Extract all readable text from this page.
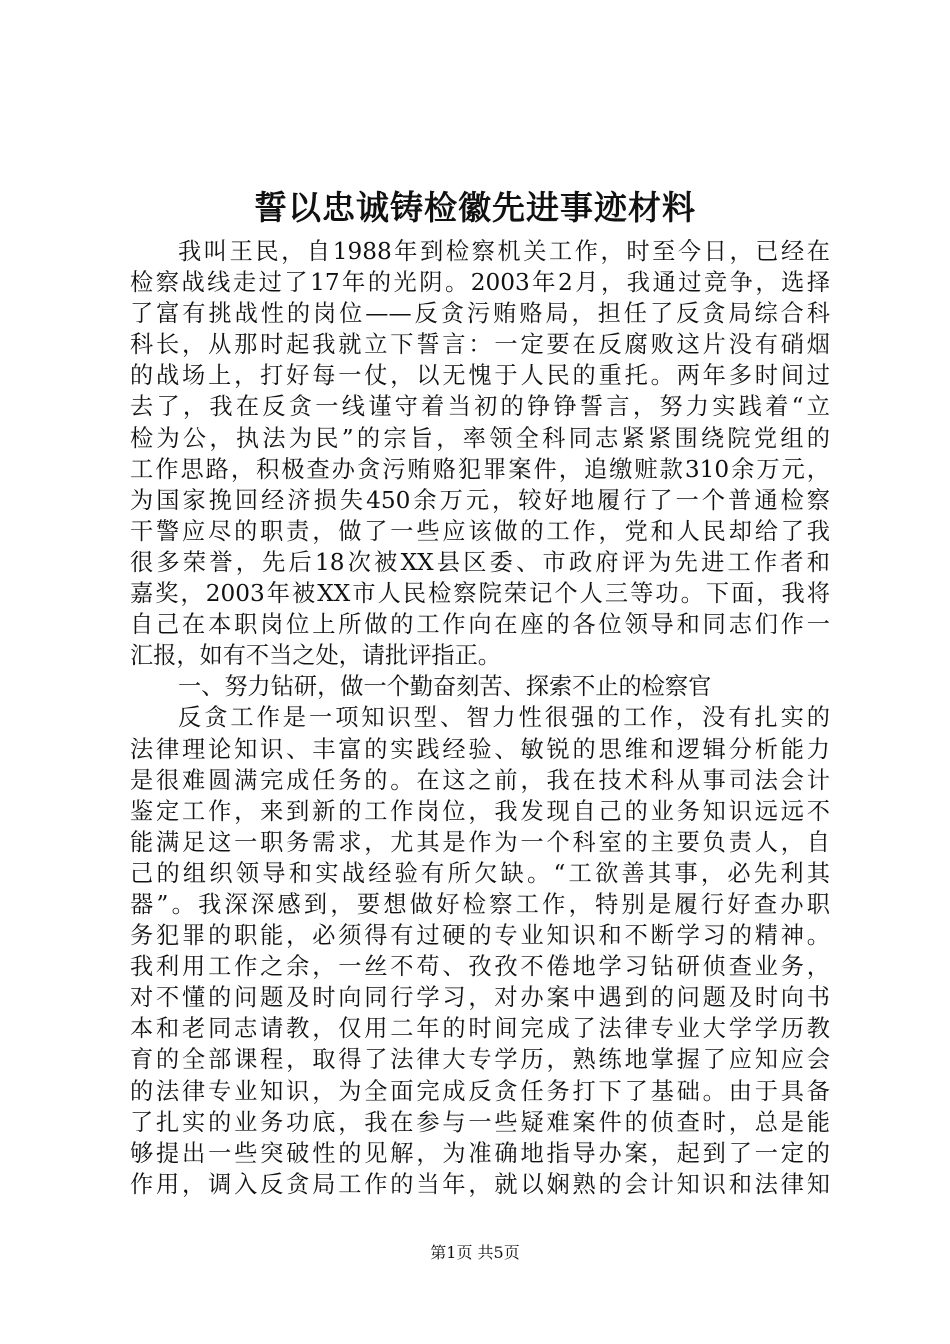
誓以忠诚铸检徽先进事迹材料
我叫王民，自1988年到检察机关工作，时至今日，已经在
检察战线走过了17年的光阴。2003年2月，我通过竞争，选择
了富有挑战性的岗位——反贪污贿赂局，担任了反贪局综合科
科长，从那时起我就立下誓言：一定要在反腐败这片没有硝烟
的战场上，打好每一仗，以无愧于人民的重托。两年多时间过
去了，我在反贪一线谨守着当初的铮铮誓言，努力实践着“立
检为公，执法为民”的宗旨，率领全科同志紧紧围绕院党组的
工作思路，积极查办贪污贿赂犯罪案件，追缴赃款310余万元，
为国家挽回经济损失450余万元，较好地履行了一个普通检察
干警应尽的职责，做了一些应该做的工作，党和人民却给了我
很多荣誉，先后18次被XX县区委、市政府评为先进工作者和
嘉奖，2003年被XX市人民检察院荣记个人三等功。下面，我将
自己在本职岗位上所做的工作向在座的各位领导和同志们作一
汇报，如有不当之处，请批评指正。
一、努力钻研，做一个勤奋刻苦、探索不止的检察官
反贪工作是一项知识型、智力性很强的工作，没有扎实的
法律理论知识、丰富的实践经验、敏锐的思维和逻辑分析能力
是很难圆满完成任务的。在这之前，我在技术科从事司法会计
鉴定工作，来到新的工作岗位，我发现自己的业务知识远远不
能满足这一职务需求，尤其是作为一个科室的主要负责人，自
己的组织领导和实战经验有所欠缺。“工欲善其事，必先利其
器”。我深深感到，要想做好检察工作，特别是履行好查办职
务犯罪的职能，必须得有过硬的专业知识和不断学习的精神。
我利用工作之余，一丝不苟、孜孜不倦地学习钻研侦查业务，
对不懂的问题及时向同行学习，对办案中遇到的问题及时向书
本和老同志请教，仅用二年的时间完成了法律专业大学学历教
育的全部课程，取得了法律大专学历，熟练地掌握了应知应会
的法律专业知识，为全面完成反贪任务打下了基础。由于具备
了扎实的业务功底，我在参与一些疑难案件的侦查时，总是能
够提出一些突破性的见解，为准确地指导办案，起到了一定的
作用，调入反贪局工作的当年，就以娴熟的会计知识和法律知
第1页 共5页
